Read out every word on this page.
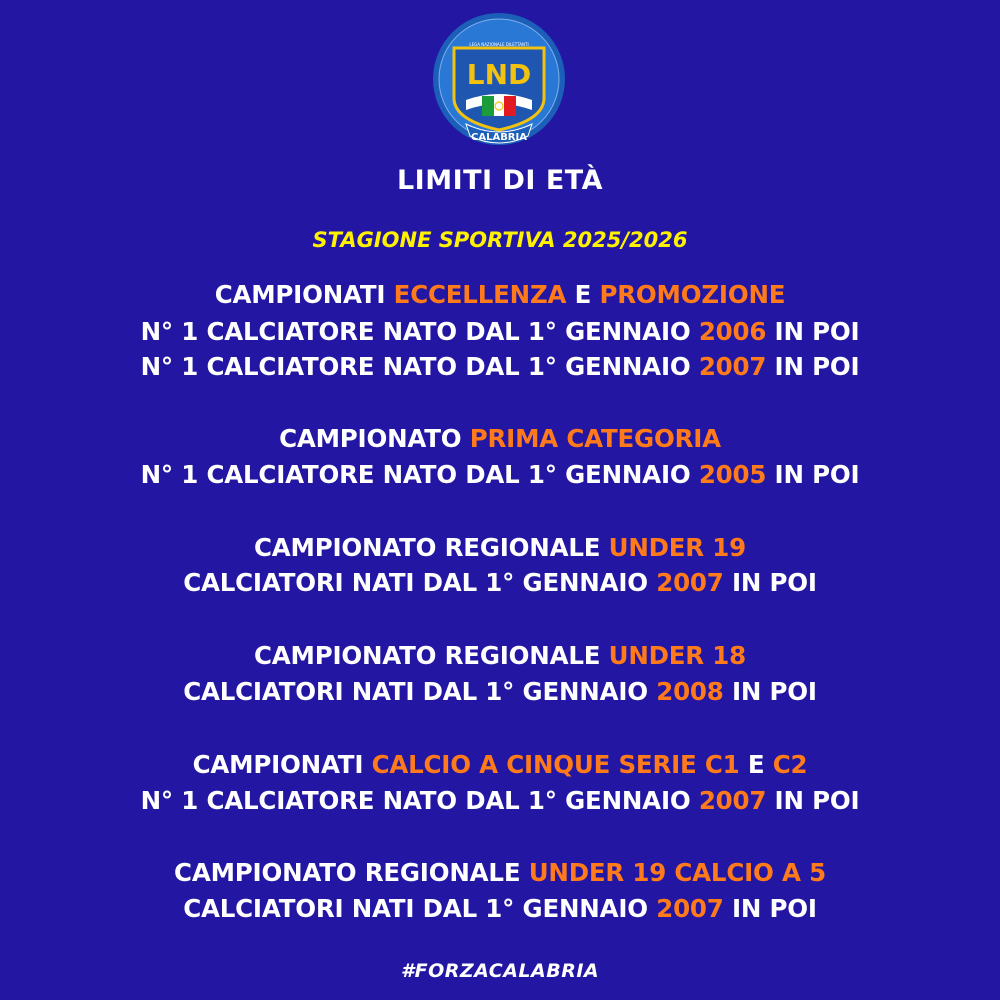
LEGA NAZIONALE DILETTANTI
LND
CALABRIA
LIMITI DI ETÀ
STAGIONE SPORTIVA 2025/2026
CAMPIONATI ECCELLENZA E PROMOZIONE
N° 1 CALCIATORE NATO DAL 1° GENNAIO 2006 IN POI
N° 1 CALCIATORE NATO DAL 1° GENNAIO 2007 IN POI
CAMPIONATO PRIMA CATEGORIA
N° 1 CALCIATORE NATO DAL 1° GENNAIO 2005 IN POI
CAMPIONATO REGIONALE UNDER 19
CALCIATORI NATI DAL 1° GENNAIO 2007 IN POI
CAMPIONATO REGIONALE UNDER 18
CALCIATORI NATI DAL 1° GENNAIO 2008 IN POI
CAMPIONATI CALCIO A CINQUE SERIE C1 E C2
N° 1 CALCIATORE NATO DAL 1° GENNAIO 2007 IN POI
CAMPIONATO REGIONALE UNDER 19 CALCIO A 5
CALCIATORI NATI DAL 1° GENNAIO 2007 IN POI
#FORZACALABRIA
